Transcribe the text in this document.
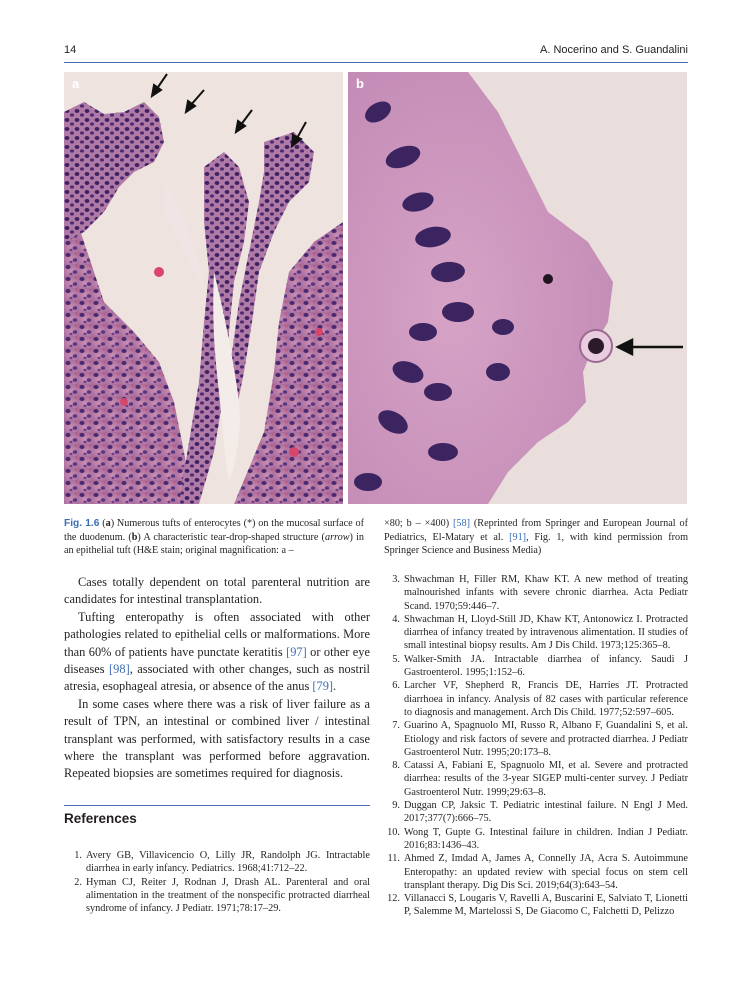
14	A. Nocerino and S. Guandalini
a	b
Fig. 1.6 (a) Numerous tufts of enterocytes (*) on the mucosal surface of the duodenum. (b) A characteristic tear-drop-shaped structure (arrow) in an epithelial tuft (H&E stain; original magnification: a –
×80; b – ×400) [58] (Reprinted from Springer and European Journal of Pediatrics, El-Matary et al. [91], Fig. 1, with kind permission from Springer Science and Business Media)

Cases totally dependent on total parenteral nutrition are candidates for intestinal transplantation.

Tufting enteropathy is often associated with other pathologies related to epithelial cells or malformations. More than 60% of patients have punctate keratitis [97] or other eye diseases [98], associated with other changes, such as nostril atresia, esophageal atresia, or absence of the anus [79].

In some cases where there was a risk of liver failure as a result of TPN, an intestinal or combined liver / intestinal transplant was performed, with satisfactory results in a case where the transplant was performed before aggravation. Repeated biopsies are sometimes required for diagnosis.

References
1. Avery GB, Villavicencio O, Lilly JR, Randolph JG. Intractable diarrhea in early infancy. Pediatrics. 1968;41:712–22.
2. Hyman CJ, Reiter J, Rodnan J, Drash AL. Parenteral and oral alimentation in the treatment of the nonspecific protracted diarrheal syndrome of infancy. J Pediatr. 1971;78:17–29.
3. Shwachman H, Filler RM, Khaw KT. A new method of treating malnourished infants with severe chronic diarrhea. Acta Pediatr Scand. 1970;59:446–7.
4. Shwachman H, Lloyd-Still JD, Khaw KT, Antonowicz I. Protracted diarrhea of infancy treated by intravenous alimentation. II studies of small intestinal biopsy results. Am J Dis Child. 1973;125:365–8.
5. Walker-Smith JA. Intractable diarrhea of infancy. Saudi J Gastroenterol. 1995;1:152–6.
6. Larcher VF, Shepherd R, Francis DE, Harries JT. Protracted diarrhoea in infancy. Analysis of 82 cases with particular reference to diagnosis and management. Arch Dis Child. 1977;52:597–605.
7. Guarino A, Spagnuolo MI, Russo R, Albano F, Guandalini S, et al. Etiology and risk factors of severe and protracted diarrhea. J Pediatr Gastroenterol Nutr. 1995;20:173–8.
8. Catassi A, Fabiani E, Spagnuolo MI, et al. Severe and protracted diarrhea: results of the 3-year SIGEP multi-center survey. J Pediatr Gastroenterol Nutr. 1999;29:63–8.
9. Duggan CP, Jaksic T. Pediatric intestinal failure. N Engl J Med. 2017;377(7):666–75.
10. Wong T, Gupte G. Intestinal failure in children. Indian J Pediatr. 2016;83:1436–43.
11. Ahmed Z, Imdad A, James A, Connelly JA, Acra S. Autoimmune Enteropathy: an updated review with special focus on stem cell transplant therapy. Dig Dis Sci. 2019;64(3):643–54.
12. Villanacci S, Lougaris V, Ravelli A, Buscarini E, Salviato T, Lionetti P, Salemme M, Martelossi S, De Giacomo C, Falchetti D, Pelizzo
